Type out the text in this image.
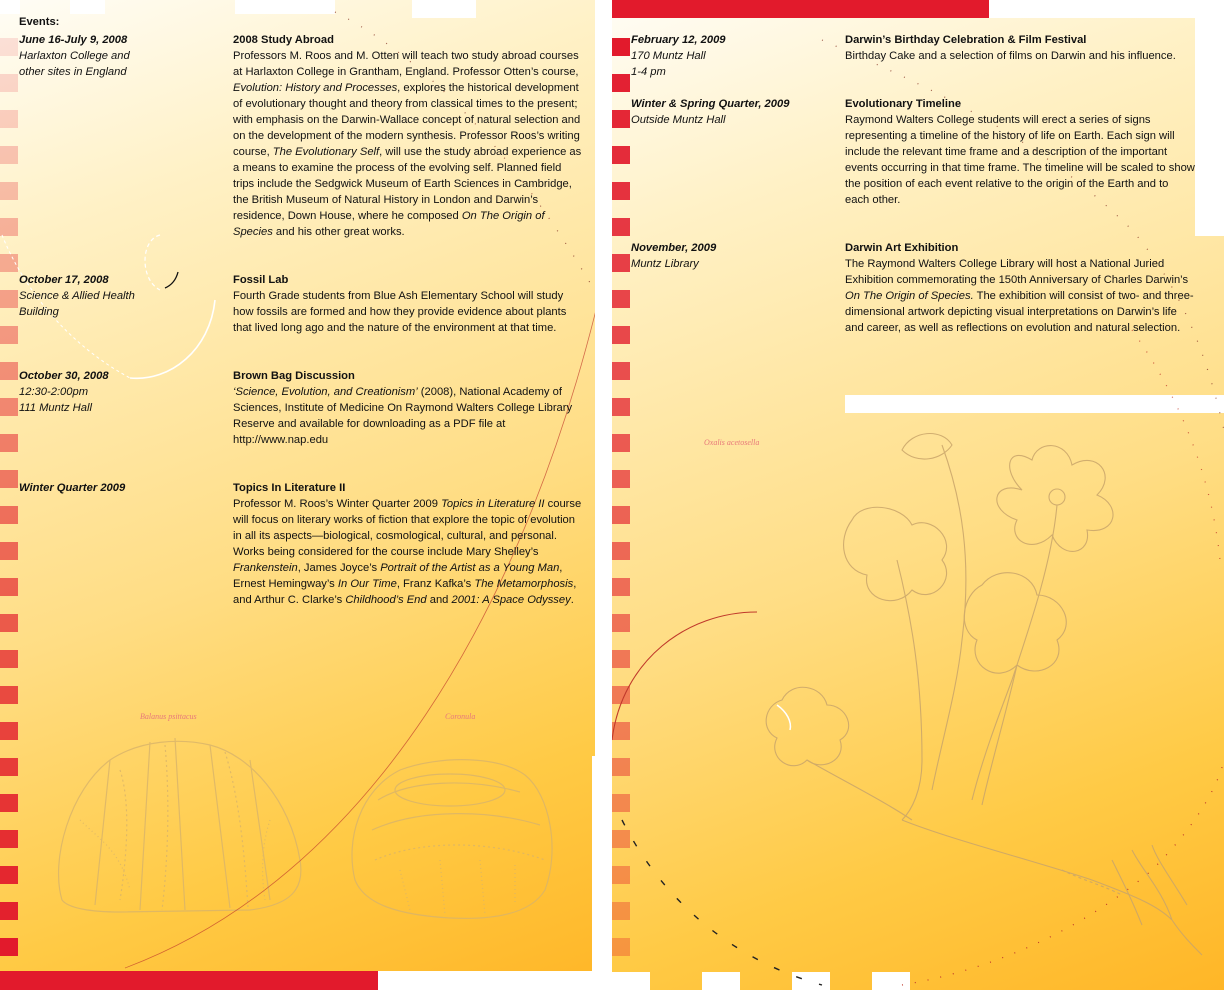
Events:
June 16-July 9, 2008
Harlaxton College and
other sites in England
October 17, 2008
Science & Allied Health
Building
October 30, 2008
12:30-2:00pm
111 Muntz Hall
Winter Quarter 2009
2008 Study Abroad
Professors M. Roos and M. Otten will teach two study abroad courses at Harlaxton College in Grantham, England. Professor Otten’s course, Evolution: History and Processes, explores the historical development of evolutionary thought and theory from classical times to the present; with emphasis on the Darwin-Wallace concept of natural selection and on the development of the modern synthesis. Professor Roos’s writing course, The Evolutionary Self, will use the study abroad experience as a means to examine the process of the evolving self. Planned field trips include the Sedgwick Museum of Earth Sciences in Cambridge, the British Museum of Natural History in London and Darwin’s residence, Down House, where he composed On The Origin of Species and his other great works.
Fossil Lab
Fourth Grade students from Blue Ash Elementary School will study how fossils are formed and how they provide evidence about plants that lived long ago and the nature of the environment at that time.
Brown Bag Discussion
‘Science, Evolution, and Creationism’ (2008), National Academy of Sciences, Institute of Medicine On Raymond Walters College Library Reserve and available for downloading as a PDF file at http://www.nap.edu
Topics In Literature II
Professor M. Roos’s Winter Quarter 2009 Topics in Literature II course will focus on literary works of fiction that explore the topic of evolution in all its aspects—biological, cosmological, cultural, and personal. Works being considered for the course include Mary Shelley’s Frankenstein, James Joyce’s Portrait of the Artist as a Young Man, Ernest Hemingway’s In Our Time, Franz Kafka’s The Metamorphosis, and Arthur C. Clarke’s Childhood’s End and 2001: A Space Odyssey.
Balanus psittacus	Coronula
February 12, 2009
170 Muntz Hall
1-4 pm
Winter & Spring Quarter, 2009
Outside Muntz Hall
November, 2009
Muntz Library
Darwin’s Birthday Celebration & Film Festival
Birthday Cake and a selection of films on Darwin and his influence.
Evolutionary Timeline
Raymond Walters College students will erect a series of signs representing a timeline of the history of life on Earth. Each sign will include the relevant time frame and a description of the important events occurring in that time frame. The timeline will be scaled to show the position of each event relative to the origin of the Earth and to each other.
Darwin Art Exhibition
The Raymond Walters College Library will host a National Juried Exhibition commemorating the 150th Anniversary of Charles Darwin’s On The Origin of Species. The exhibition will consist of two- and three-dimensional artwork depicting visual interpretations on Darwin’s life and career, as well as reflections on evolution and natural selection.
Oxalis acetosella
